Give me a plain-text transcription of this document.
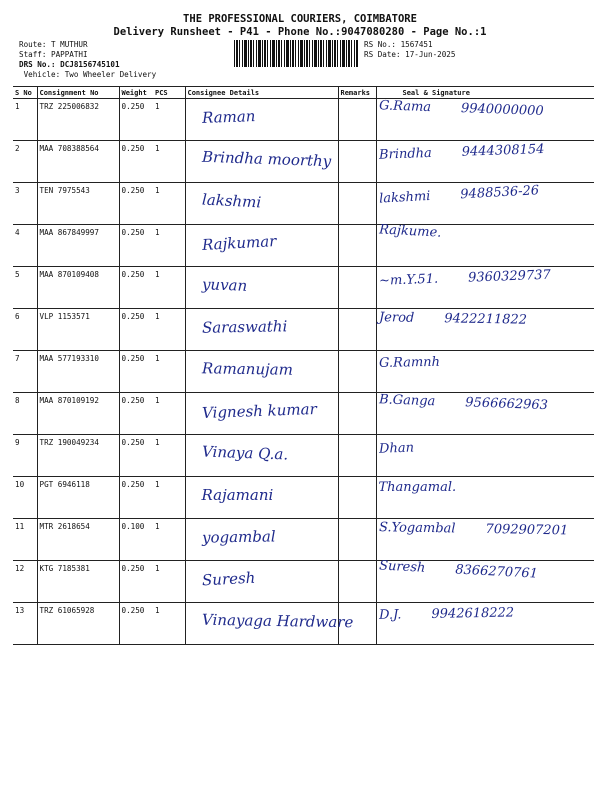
THE PROFESSIONAL COURIERS, COIMBATORE
Delivery Runsheet - P41 - Phone No.:9047080280 - Page No.:1
Route: T MUTHUR
Staff: PAPPATHI
DRS No.: DCJ8156745101
Vehicle: Two Wheeler Delivery
RS No.: 1567451
RS Date: 17-Jun-2025
S No	Consignment No	Weight	PCS	Consignee Details	Remarks	Seal & Signature
1	TRZ 225006832	0.250	1	Raman		G.Rama 9940000000

2	MAA 708388564	0.250	1	Brindha moorthy		Brindha 9444308154

3	TEN 7975543	0.250	1	lakshmi		lakshmi 9488536-26

4	MAA 867849997	0.250	1	Rajkumar		Rajkume.

5	MAA 870109408	0.250	1	yuvan		~m.Y.51. 9360329737

6	VLP 1153571	0.250	1	Saraswathi		Jerod 9422211822

7	MAA 577193310	0.250	1	Ramanujam		G.Ramnh

8	MAA 870109192	0.250	1	Vignesh kumar		B.Ganga 9566662963

9	TRZ 190049234	0.250	1	Vinaya Q.a.		Dhan

10	PGT 6946118	0.250	1	Rajamani		Thangamal.

11	MTR 2618654	0.100	1	yogambal		S.Yogambal 7092907201

12	KTG 7185381	0.250	1	Suresh		Suresh 8366270761

13	TRZ 61065928	0.250	1	Vinayaga Hardware		D.J. 9942618222
